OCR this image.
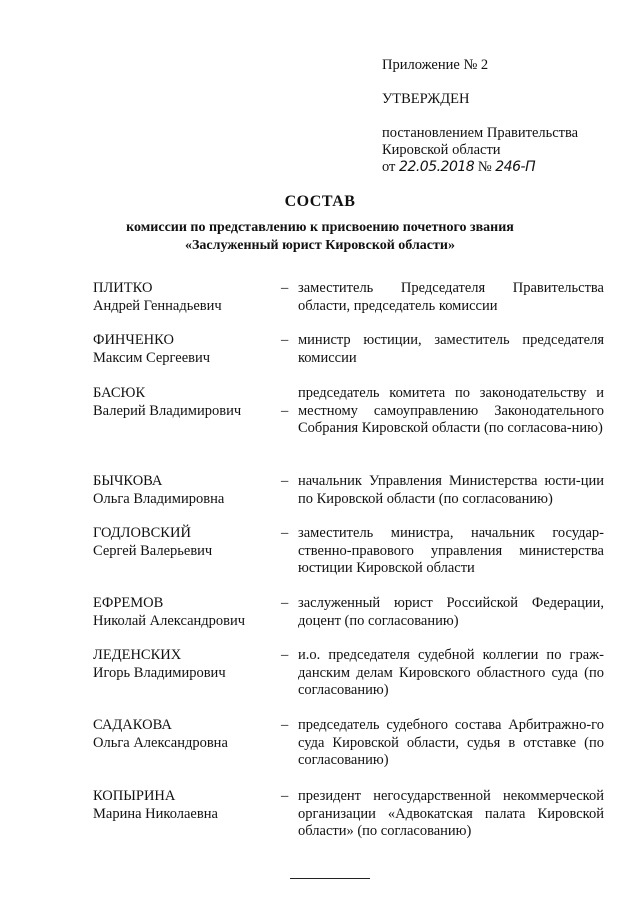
Приложение № 2

УТВЕРЖДЕН

постановлением Правительства

Кировской области

от 22.05.2018 № 246-П

СОСТАВ
комиссии по представлению к присвоению почетного звания
«Заслуженный юрист Кировской области»
ПЛИТКО
Андрей Геннадьевич
– заместитель Председателя Правительства области, председатель комиссии
ФИНЧЕНКО
Максим Сергеевич
– министр юстиции, заместитель председателя комиссии
БАСЮК
Валерий Владимирович	–
председатель комитета по законодательству и местному самоуправлению Законодательного Собрания Кировской области (по согласова-нию)
БЫЧКОВА
Ольга Владимировна
– начальник Управления Министерства юсти-ции по Кировской области (по согласованию)
ГОДЛОВСКИЙ
Сергей Валерьевич
– заместитель министра, начальник государ-ственно-правового управления министерства юстиции Кировской области
ЕФРЕМОВ
Николай Александрович
– заслуженный юрист Российской Федерации, доцент (по согласованию)
ЛЕДЕНСКИХ
Игорь Владимирович
– и.о. председателя судебной коллегии по граж-данским делам Кировского областного суда (по согласованию)
САДАКОВА
Ольга Александровна
– председатель судебного состава Арбитражно-го суда Кировской области, судья в отставке (по согласованию)
КОПЫРИНА
Марина Николаевна
– президент негосударственной некоммерческой организации «Адвокатская палата Кировской области» (по согласованию)
